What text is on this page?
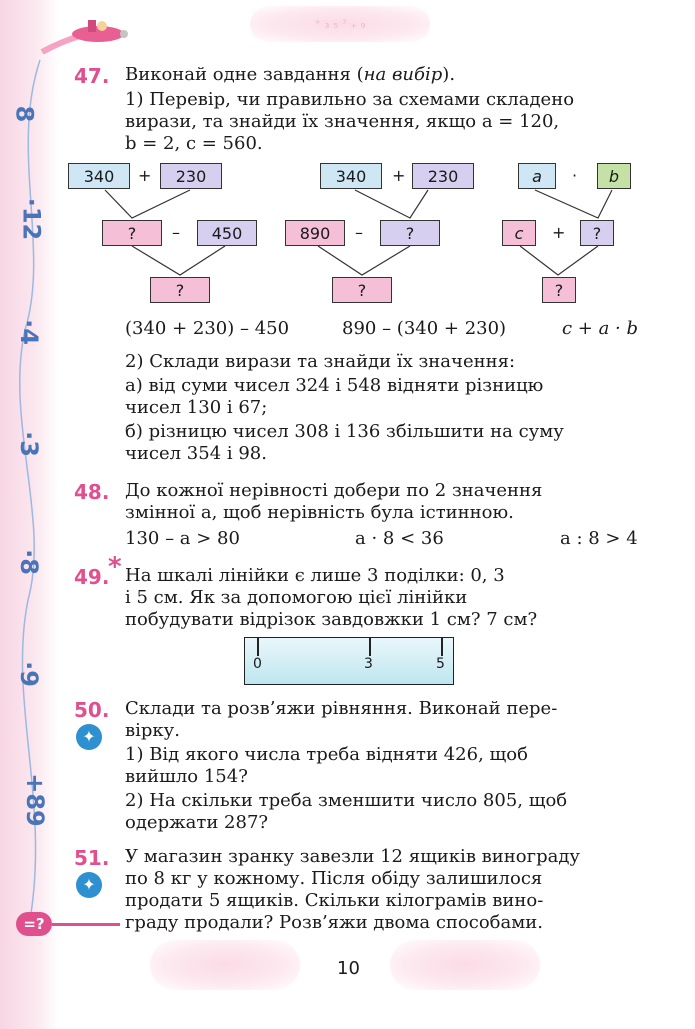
⁺ ₃ ₅ ⁷ ₊ ₉
8
·12
·4
·3
·8
·9
+89
=?
47. Виконай одне завдання (на вибір).
1) Перевір, чи правильно за схемами складено
вирази, та знайди їх значення, якщо a = 120,
b = 2, c = 560.
340	+	230
?	–	450
?
340	+	230
890	–	?
?
a	·	b
c	+	?
?
(340 + 230) – 450	890 – (340 + 230)	c + a · b
2) Склади вирази та знайди їх значення:
а) від суми чисел 324 і 548 відняти різницю
чисел 130 і 67;
б) різницю чисел 308 і 136 збільшити на суму
чисел 354 і 98.
48. До кожної нерівності добери по 2 значення
змінної a, щоб нерівність була істинною.
130 – a > 80	a · 8 < 36	a : 8 > 4
49.
* На шкалі лінійки є лише 3 поділки: 0, 3
і 5 см. Як за допомогою цієї лінійки
побудувати відрізок завдовжки 1 см? 7 см?
0	3	5
50.
✦
Склади та розв’яжи рівняння. Виконай пере-
вірку.
1) Від якого числа треба відняти 426, щоб
вийшло 154?
2) На скільки треба зменшити число 805, щоб
одержати 287?
51.
✦
У магазин зранку завезли 12 ящиків винограду
по 8 кг у кожному. Після обіду залишилося
продати 5 ящиків. Скільки кілограмів вино-
граду продали? Розв’яжи двома способами.
10
